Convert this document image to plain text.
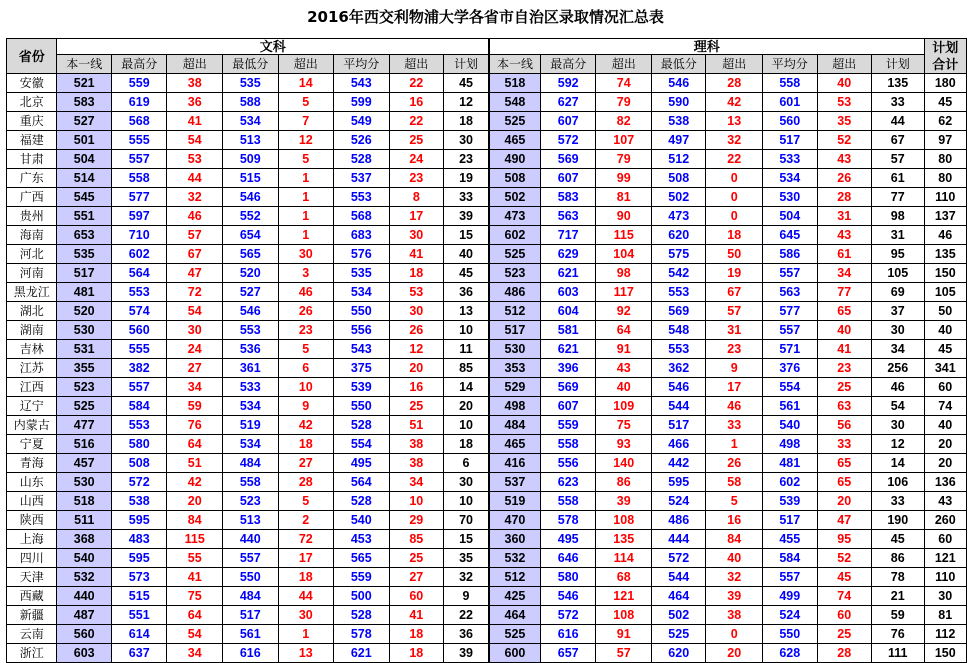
2016年西交利物浦大学各省市自治区录取情况汇总表
省份	文科								理科								计划
合计

	本一线	最高分	超出	最低分	超出	平均分	超出	计划	本一线	最高分	超出	最低分	超出	平均分	超出	计划	
安徽	521	559	38	535	14	543	22	45	518	592	74	546	28	558	40	135	180
北京	583	619	36	588	5	599	16	12	548	627	79	590	42	601	53	33	45
重庆	527	568	41	534	7	549	22	18	525	607	82	538	13	560	35	44	62
福建	501	555	54	513	12	526	25	30	465	572	107	497	32	517	52	67	97
甘肃	504	557	53	509	5	528	24	23	490	569	79	512	22	533	43	57	80
广东	514	558	44	515	1	537	23	19	508	607	99	508	0	534	26	61	80
广西	545	577	32	546	1	553	8	33	502	583	81	502	0	530	28	77	110
贵州	551	597	46	552	1	568	17	39	473	563	90	473	0	504	31	98	137
海南	653	710	57	654	1	683	30	15	602	717	115	620	18	645	43	31	46
河北	535	602	67	565	30	576	41	40	525	629	104	575	50	586	61	95	135
河南	517	564	47	520	3	535	18	45	523	621	98	542	19	557	34	105	150
黑龙江	481	553	72	527	46	534	53	36	486	603	117	553	67	563	77	69	105
湖北	520	574	54	546	26	550	30	13	512	604	92	569	57	577	65	37	50
湖南	530	560	30	553	23	556	26	10	517	581	64	548	31	557	40	30	40
吉林	531	555	24	536	5	543	12	11	530	621	91	553	23	571	41	34	45
江苏	355	382	27	361	6	375	20	85	353	396	43	362	9	376	23	256	341
江西	523	557	34	533	10	539	16	14	529	569	40	546	17	554	25	46	60
辽宁	525	584	59	534	9	550	25	20	498	607	109	544	46	561	63	54	74
内蒙古	477	553	76	519	42	528	51	10	484	559	75	517	33	540	56	30	40
宁夏	516	580	64	534	18	554	38	18	465	558	93	466	1	498	33	12	20
青海	457	508	51	484	27	495	38	6	416	556	140	442	26	481	65	14	20
山东	530	572	42	558	28	564	34	30	537	623	86	595	58	602	65	106	136
山西	518	538	20	523	5	528	10	10	519	558	39	524	5	539	20	33	43
陕西	511	595	84	513	2	540	29	70	470	578	108	486	16	517	47	190	260
上海	368	483	115	440	72	453	85	15	360	495	135	444	84	455	95	45	60
四川	540	595	55	557	17	565	25	35	532	646	114	572	40	584	52	86	121
天津	532	573	41	550	18	559	27	32	512	580	68	544	32	557	45	78	110
西藏	440	515	75	484	44	500	60	9	425	546	121	464	39	499	74	21	30
新疆	487	551	64	517	30	528	41	22	464	572	108	502	38	524	60	59	81
云南	560	614	54	561	1	578	18	36	525	616	91	525	0	550	25	76	112
浙江	603	637	34	616	13	621	18	39	600	657	57	620	20	628	28	111	150
